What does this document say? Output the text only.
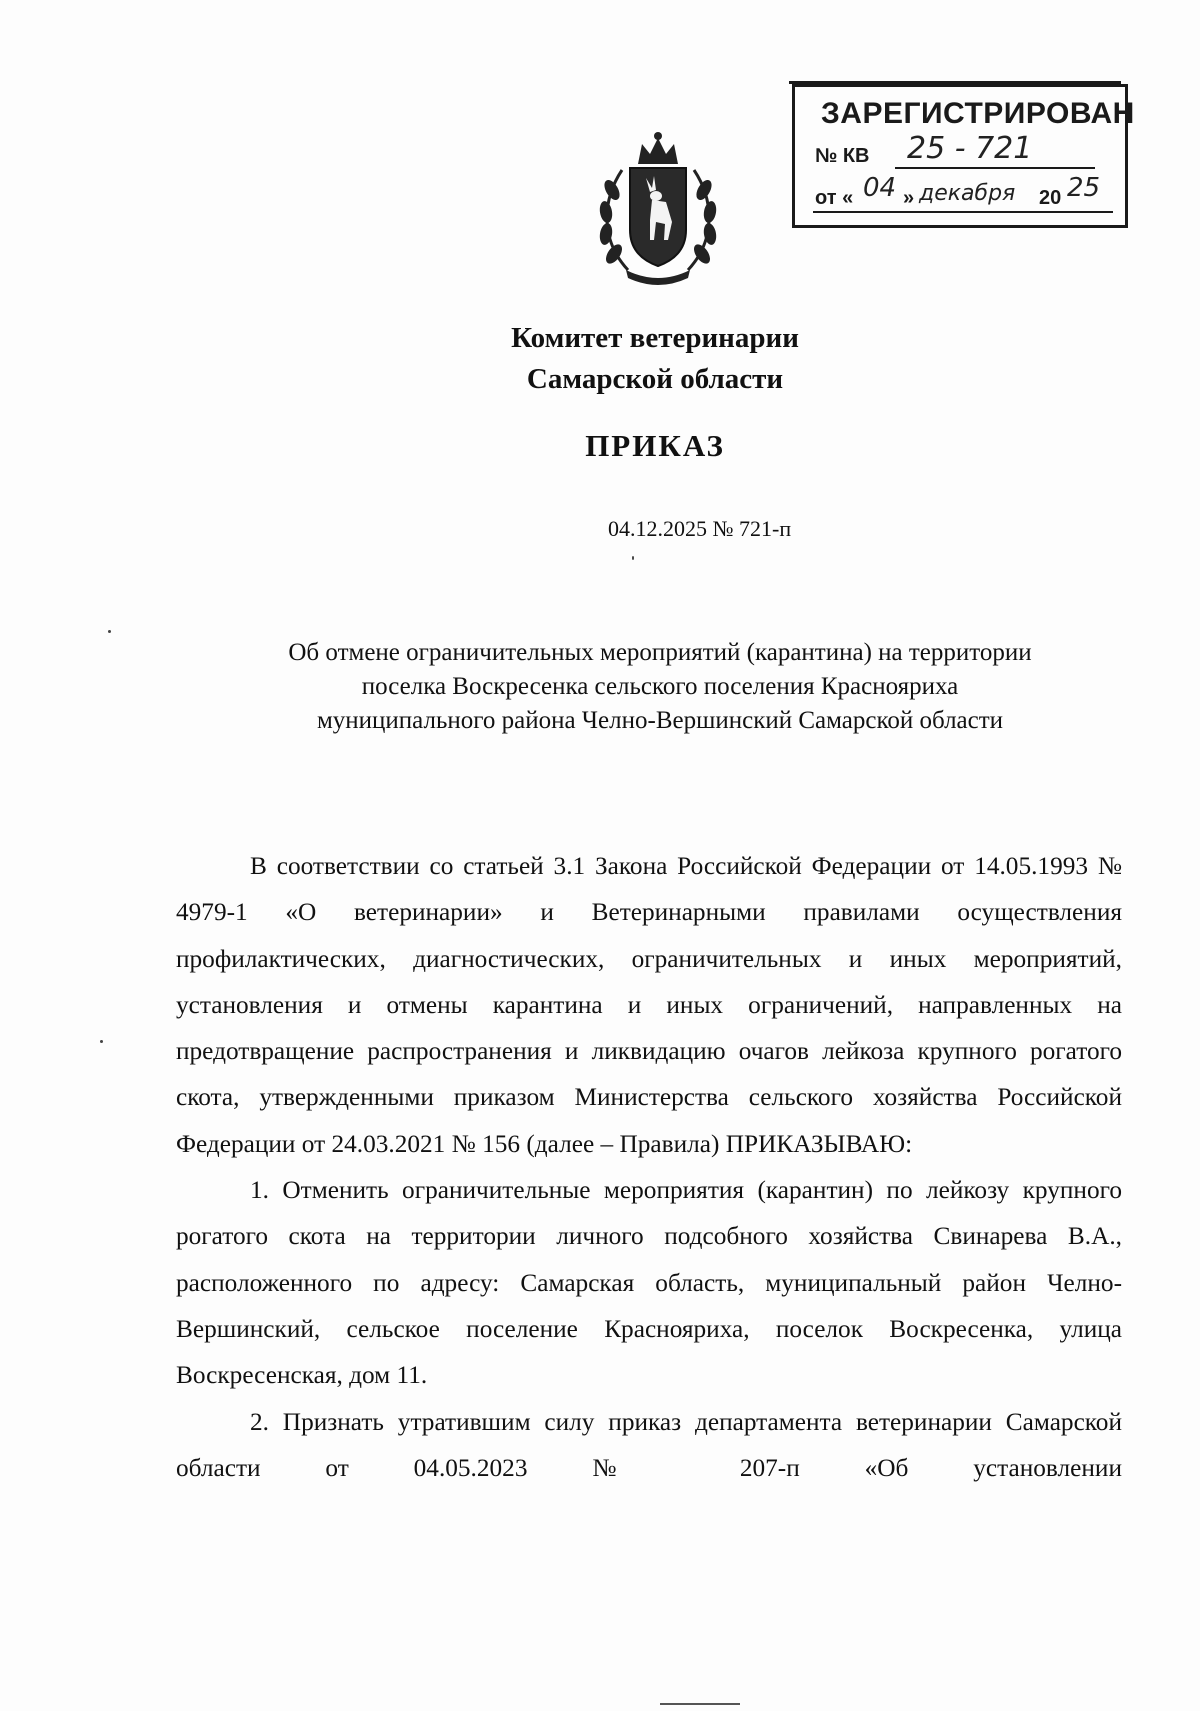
ЗАРЕГИСТРИРОВАН
№ КВ 25 - 721
от « 04 » декабря 20 25
Комитет ветеринарии
Самарской области
ПРИКАЗ
04.12.2025 № 721-п
Об отмене ограничительных мероприятий (карантина) на территории
поселка Воскресенка сельского поселения Краснояриха
муниципального района Челно-Вершинский Самарской области

В соответствии со статьей 3.1 Закона Российской Федерации от 14.05.1993 № 4979-1 «О ветеринарии» и Ветеринарными правилами осуществления профилактических, диагностических, ограничительных и иных мероприятий, установления и отмены карантина и иных ограничений, направленных на предотвращение распространения и ликвидацию очагов лейкоза крупного рогатого скота, утвержденными приказом Министерства сельского хозяйства Российской Федерации от 24.03.2021 № 156 (далее – Правила) ПРИКАЗЫВАЮ:

1. Отменить ограничительные мероприятия (карантин) по лейкозу крупного рогатого скота на территории личного подсобного хозяйства Свинарева В.А., расположенного по адресу: Самарская область, муниципальный район Челно-Вершинский, сельское поселение Краснояриха, поселок Воскресенка, улица Воскресенская, дом 11.

2. Признать утратившим силу приказ департамента ветеринарии Самарской области от 04.05.2023 № 207-п «Об установлении
